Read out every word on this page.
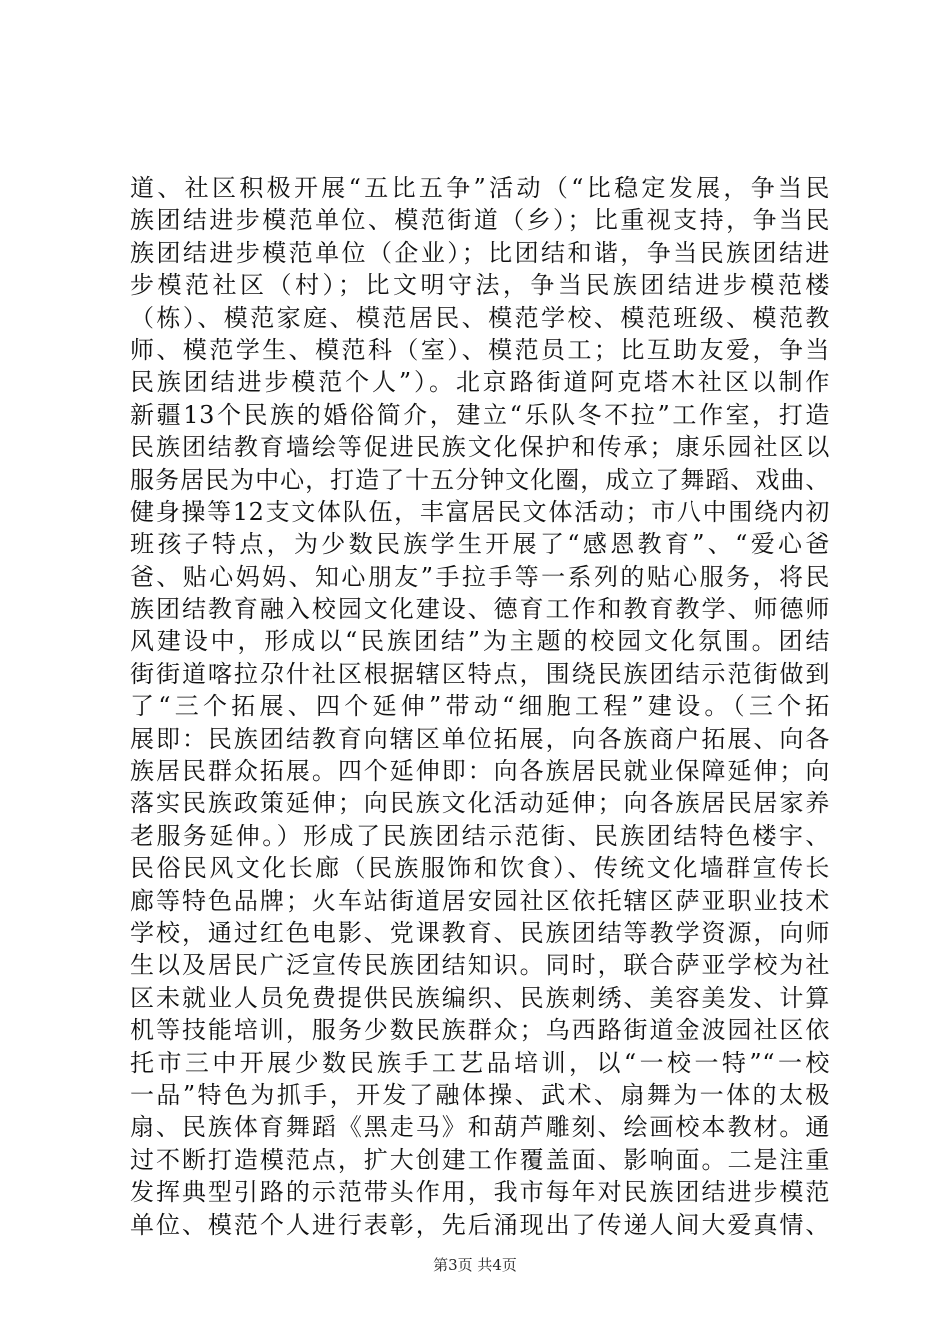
道、社区积极开展“五比五争”活动（“比稳定发展，争当民
族团结进步模范单位、模范街道（乡）；比重视支持，争当民
族团结进步模范单位（企业）；比团结和谐，争当民族团结进
步模范社区（村）；比文明守法，争当民族团结进步模范楼
（栋）、模范家庭、模范居民、模范学校、模范班级、模范教
师、模范学生、模范科（室）、模范员工；比互助友爱，争当
民族团结进步模范个人”）。北京路街道阿克塔木社区以制作
新疆13个民族的婚俗简介，建立“乐队冬不拉”工作室，打造
民族团结教育墙绘等促进民族文化保护和传承；康乐园社区以
服务居民为中心，打造了十五分钟文化圈，成立了舞蹈、戏曲、
健身操等12支文体队伍，丰富居民文体活动；市八中围绕内初
班孩子特点，为少数民族学生开展了“感恩教育”、“爱心爸
爸、贴心妈妈、知心朋友”手拉手等一系列的贴心服务，将民
族团结教育融入校园文化建设、德育工作和教育教学、师德师
风建设中，形成以“民族团结”为主题的校园文化氛围。团结
街街道喀拉尕什社区根据辖区特点，围绕民族团结示范街做到
了“三个拓展、四个延伸”带动“细胞工程”建设。（三个拓
展即：民族团结教育向辖区单位拓展，向各族商户拓展、向各
族居民群众拓展。四个延伸即：向各族居民就业保障延伸；向
落实民族政策延伸；向民族文化活动延伸；向各族居民居家养
老服务延伸。）形成了民族团结示范街、民族团结特色楼宇、
民俗民风文化长廊（民族服饰和饮食）、传统文化墙群宣传长
廊等特色品牌；火车站街道居安园社区依托辖区萨亚职业技术
学校，通过红色电影、党课教育、民族团结等教学资源，向师
生以及居民广泛宣传民族团结知识。同时，联合萨亚学校为社
区未就业人员免费提供民族编织、民族刺绣、美容美发、计算
机等技能培训，服务少数民族群众；乌西路街道金波园社区依
托市三中开展少数民族手工艺品培训，以“一校一特”“一校
一品”特色为抓手，开发了融体操、武术、扇舞为一体的太极
扇、民族体育舞蹈《黑走马》和葫芦雕刻、绘画校本教材。通
过不断打造模范点，扩大创建工作覆盖面、影响面。二是注重
发挥典型引路的示范带头作用，我市每年对民族团结进步模范
单位、模范个人进行表彰，先后涌现出了传递人间大爱真情、
第3页 共4页
